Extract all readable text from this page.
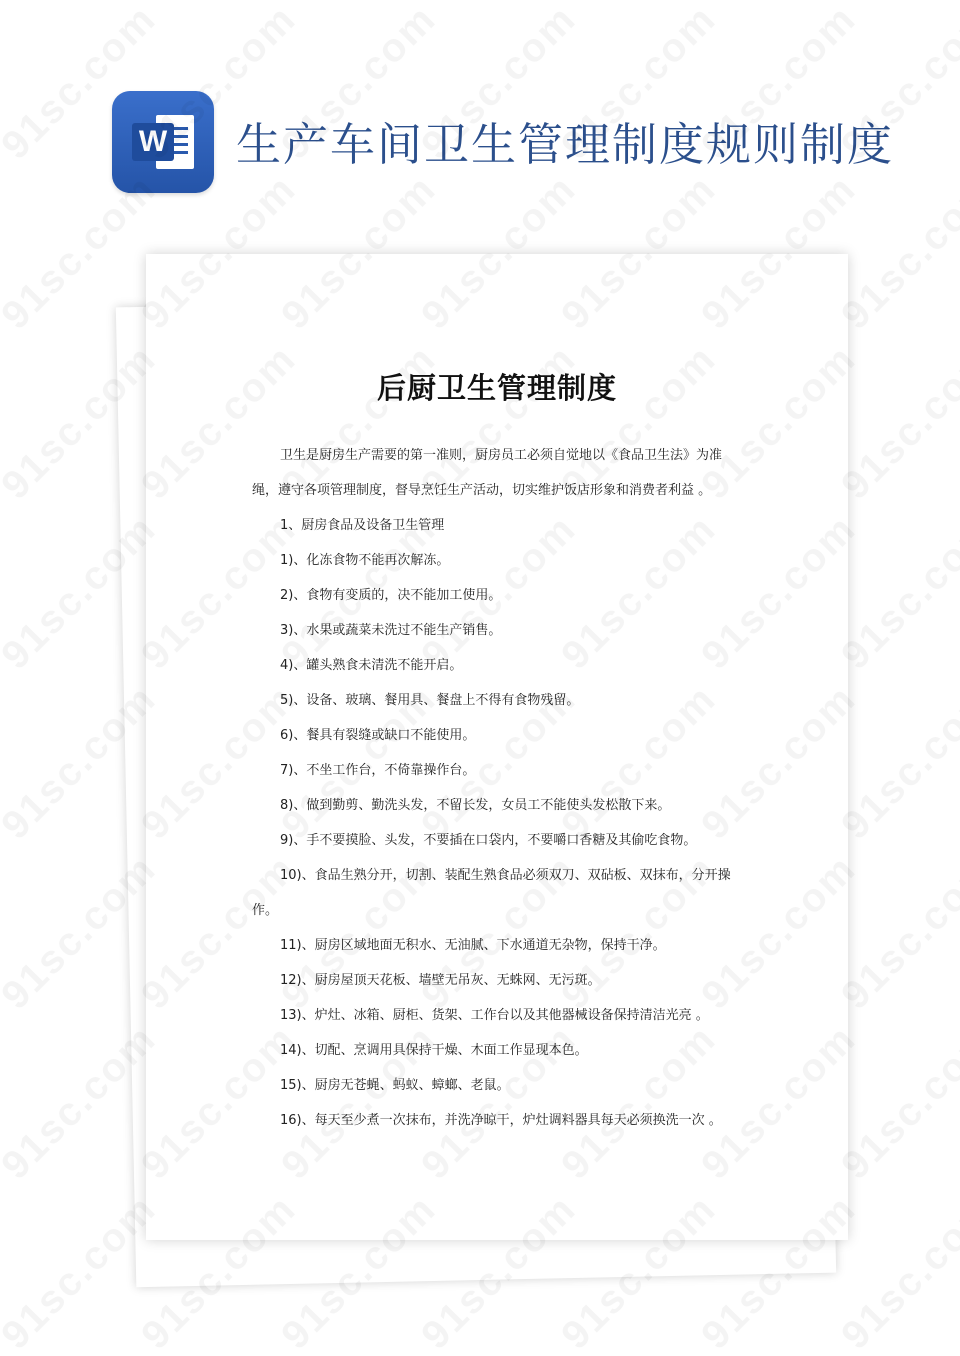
W 生产车间卫生管理制度规则制度
后厨卫生管理制度

卫生是厨房生产需要的第一准则，厨房员工必须自觉地以《食品卫生法》为准绳，遵守各项管理制度，督导烹饪生产活动，切实维护饭店形象和消费者利益 。

1、厨房食品及设备卫生管理

1)、化冻食物不能再次解冻。

2)、食物有变质的，决不能加工使用。

3)、水果或蔬菜未洗过不能生产销售。

4)、罐头熟食未清洗不能开启。

5)、设备、玻璃、餐用具、餐盘上不得有食物残留。

6)、餐具有裂缝或缺口不能使用。

7)、不坐工作台，不倚靠操作台。

8)、做到勤剪、勤洗头发，不留长发，女员工不能使头发松散下来。

9)、手不要摸脸、头发，不要插在口袋内，不要嚼口香糖及其偷吃食物。

10)、食品生熟分开，切割、装配生熟食品必须双刀、双砧板、双抹布，分开操作。

11)、厨房区域地面无积水、无油腻、下水通道无杂物，保持干净。

12)、厨房屋顶天花板、墙壁无吊灰、无蛛网、无污斑。

13)、炉灶、冰箱、厨柜、货架、工作台以及其他器械设备保持清洁光亮 。

14)、切配、烹调用具保持干燥、木面工作显现本色。

15)、厨房无苍蝇、蚂蚁、蟑螂、老鼠。

16)、每天至少煮一次抹布，并洗净晾干，炉灶调料器具每天必须换洗一次 。
